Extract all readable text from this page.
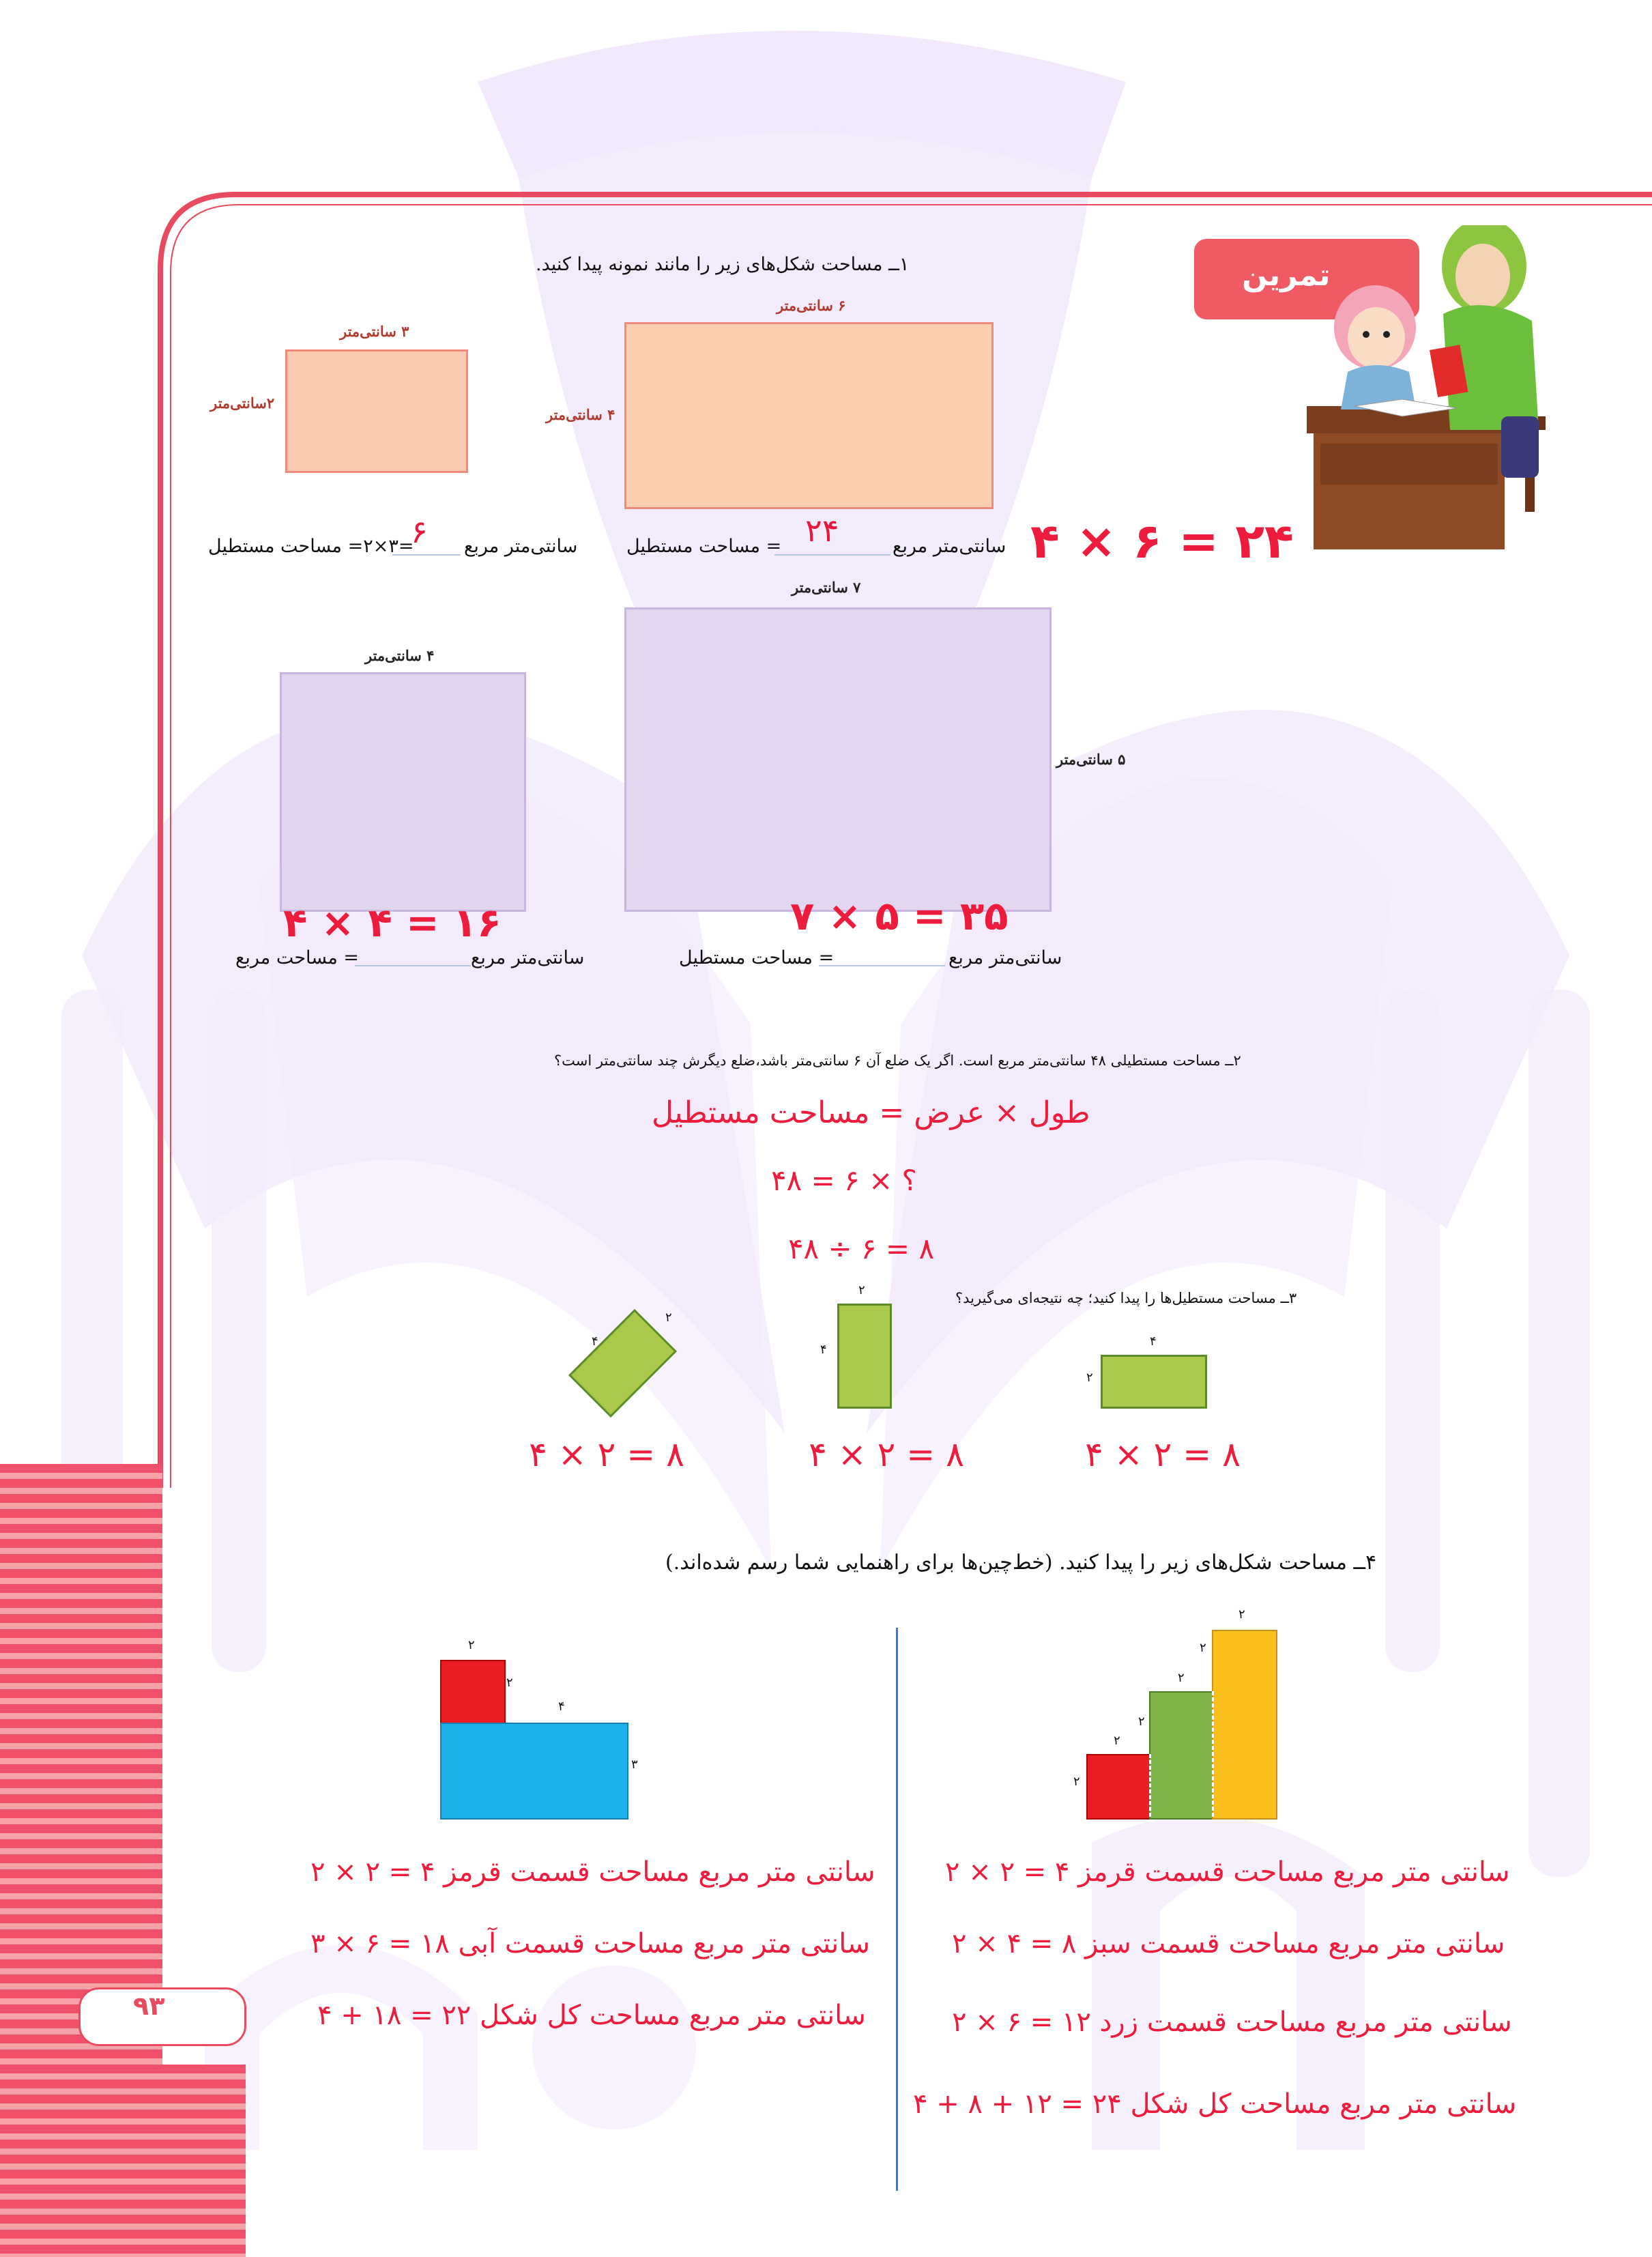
۹۳
تمرین
۱ــ مساحت شکل‌های زیر را مانند نمونه پیدا کنید.
۳ سانتی‌متر
۲سانتی‌متر
۶ سانتی‌متر
۴ سانتی‌متر
=۳×۲= مساحت مستطیل
۶ سانتی‌متر مربع	= مساحت مستطیل ۲۴	سانتی‌متر مربع ۴ × ۶ = ۲۴
۴ سانتی‌متر
۷ سانتی‌متر
۵ سانتی‌متر
۴ × ۴ = ۱۶	۷ × ۵ = ۳۵
= مساحت مربع	سانتی‌متر مربع	= مساحت مستطیل	سانتی‌متر مربع
۲ــ مساحت مستطیلی ۴۸ سانتی‌متر مربع است. اگر یک ضلع آن ۶ سانتی‌متر باشد،ضلع دیگرش چند سانتی‌متر است؟
طول × عرض = مساحت مستطیل
؟ × ۶ = ۴۸
۴۸ ÷ ۶ = ۸
۳ــ مساحت مستطیل‌ها را پیدا کنید؛ چه نتیجه‌ای می‌گیرید؟
۴
۲
۲
۴
۴
۲
۴ × ۲ = ۸	۴ × ۲ = ۸	۴ × ۲ = ۸
۴ــ مساحت شکل‌های زیر را پیدا کنید. (خط‌چین‌ها برای راهنمایی شما رسم شده‌اند.)
۲
۲
۴
۳
۲
۲
۲
۲
۲
۲
سانتی متر مربع مساحت قسمت قرمز ۴ = ۲ × ۲
سانتی متر مربع مساحت قسمت آبی ۱۸ = ۶ × ۳
سانتی متر مربع مساحت کل شکل ۲۲ = ۱۸ + ۴
سانتی متر مربع مساحت قسمت قرمز ۴ = ۲ × ۲
سانتی متر مربع مساحت قسمت سبز ۸ = ۴ × ۲
سانتی متر مربع مساحت قسمت زرد ۱۲ = ۶ × ۲
سانتی متر مربع مساحت کل شکل ۲۴ = ۱۲ + ۸ + ۴
